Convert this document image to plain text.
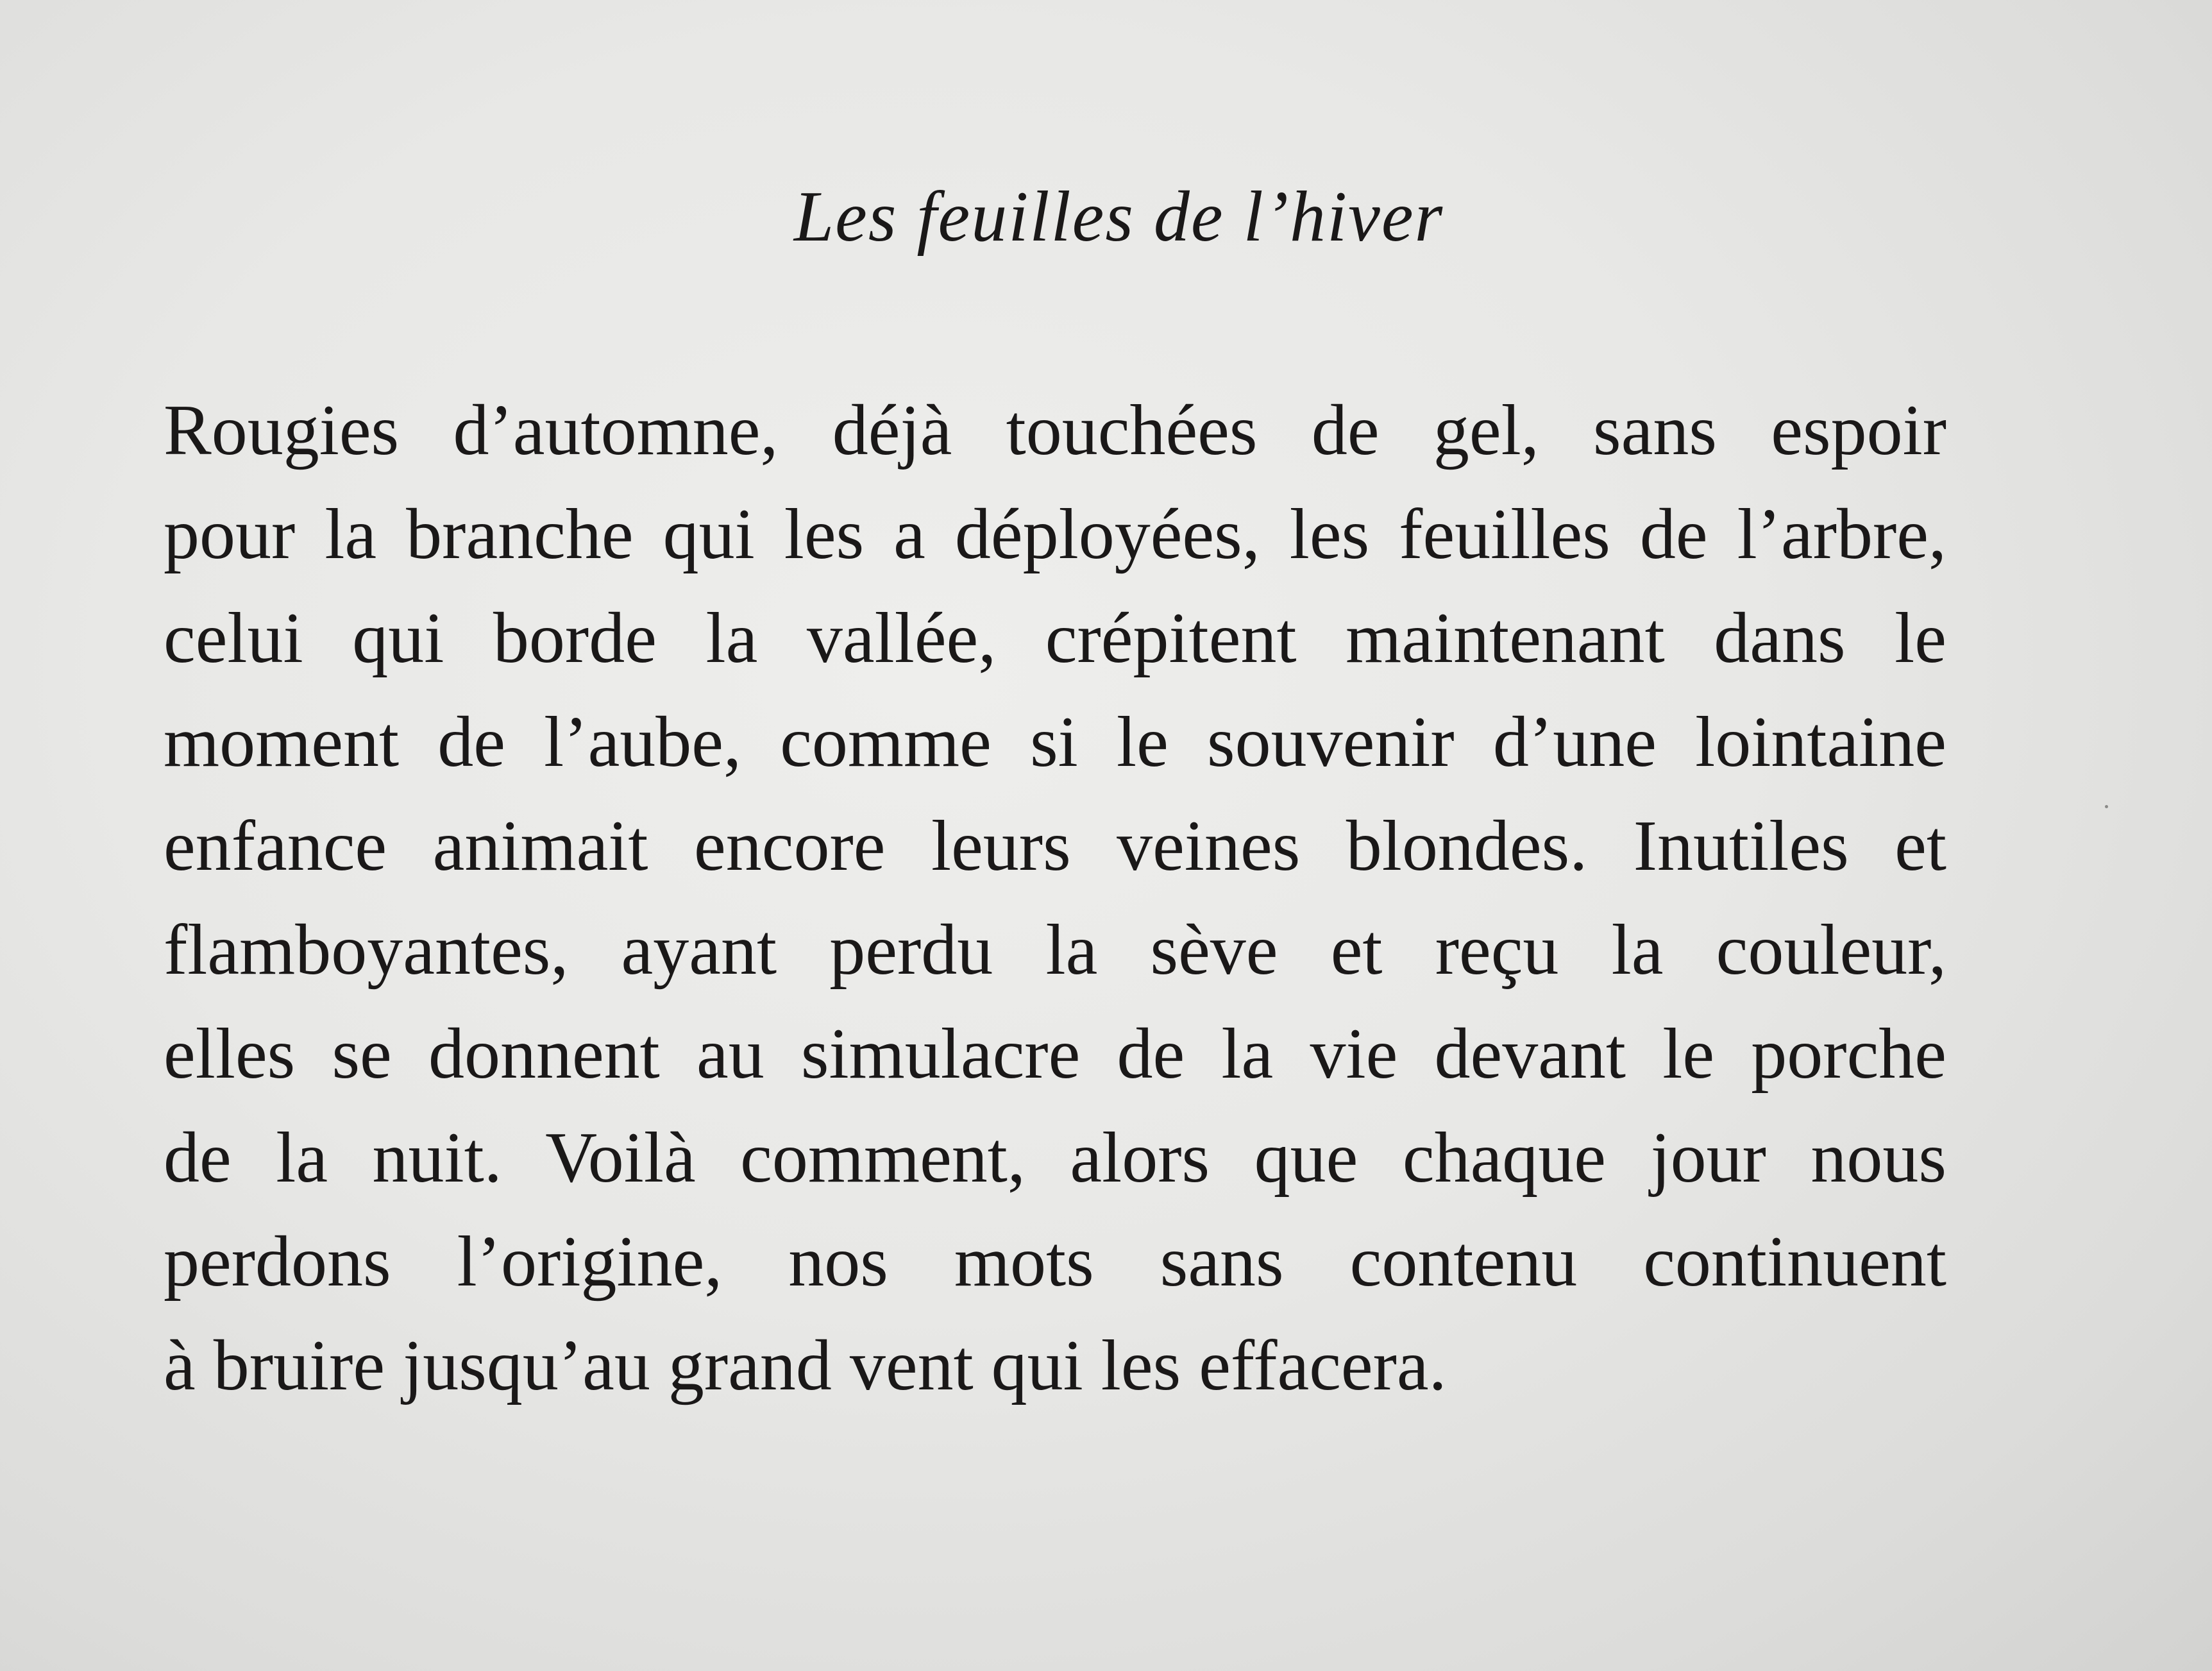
Les feuilles de l’hiver
Rougies d’automne, déjà touchées de gel, sans espoir
pour la branche qui les a déployées, les feuilles de l’arbre,
celui qui borde la vallée, crépitent maintenant dans le
moment de l’aube, comme si le souvenir d’une lointaine
enfance animait encore leurs veines blondes. Inutiles et
flamboyantes, ayant perdu la sève et reçu la couleur,
elles se donnent au simulacre de la vie devant le porche
de la nuit. Voilà comment, alors que chaque jour nous
perdons l’origine, nos mots sans contenu continuent
à bruire jusqu’au grand vent qui les effacera.
